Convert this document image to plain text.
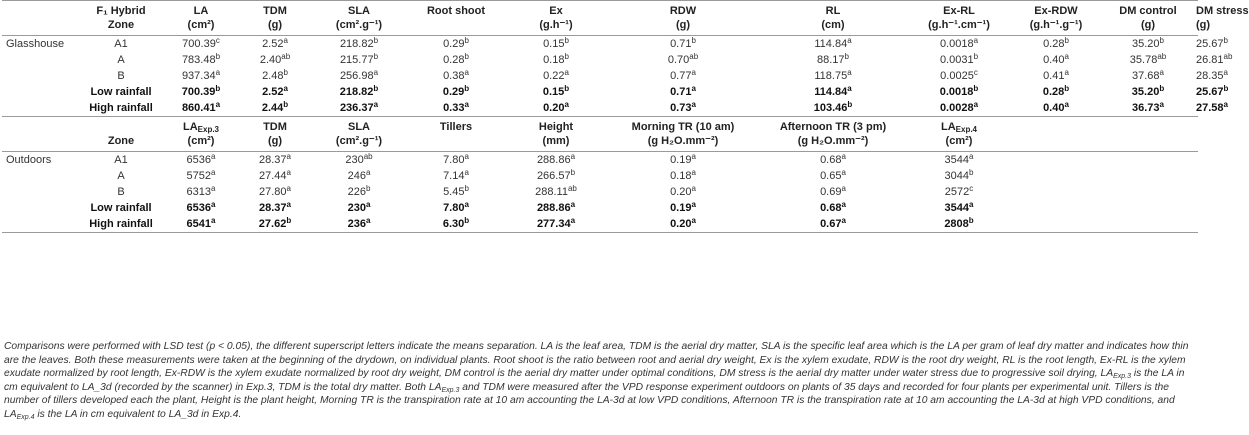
	F₁ Hybrid	LA	TDM	SLA	Root shoot	Ex	RDW	RL	Ex-RL	Ex-RDW	DM control	DM stress
	Zone	(cm²)	(g)	(cm².g⁻¹)		(g.h⁻¹)	(g)	(cm)	(g.h⁻¹.cm⁻¹)	(g.h⁻¹.g⁻¹)	(g)	(g)
Glasshouse	A1	700.39$^c$	2.52$^a$	218.82$^b$	0.29$^b$	0.15$^b$	0.71$^b$	114.84$^a$	0.0018$^a$	0.28$^b$	35.20$^b$	25.67$^b$
	A	783.48$^b$	2.40$^{ab}$	215.77$^b$	0.28$^b$	0.18$^b$	0.70$^{ab}$	88.17$^b$	0.0031$^b$	0.40$^a$	35.78$^{ab}$	26.81$^{ab}$
	B	937.34$^a$	2.48$^b$	256.98$^a$	0.38$^a$	0.22$^a$	0.77$^a$	118.75$^a$	0.0025$^c$	0.41$^a$	37.68$^a$	28.35$^a$
	Low rainfall	700.39$^b$	2.52$^a$	218.82$^b$	0.29$^b$	0.15$^b$	0.71$^a$	114.84$^a$	0.0018$^b$	0.28$^b$	35.20$^b$	25.67$^b$
	High rainfall	860.41$^a$	2.44$^b$	236.37$^a$	0.33$^a$	0.20$^a$	0.73$^a$	103.46$^b$	0.0028$^a$	0.40$^a$	36.73$^a$	27.58$^a$
		$LA_{Exp.3}$	TDM	SLA	Tillers	Height	Morning TR (10 am)	Afternoon TR (3 pm)	$LA_{Exp.4}$			
	Zone	(cm²)	(g)	(cm².g⁻¹)		(mm)	(g H₂O.mm⁻²)	(g H₂O.mm⁻²)	(cm²)			
Outdoors	A1	6536$^a$	28.37$^a$	$230^{ab}$	7.80$^a$	288.86$^a$	0.19$^a$	0.68$^a$	3544$^a$			
	A	5752$^a$	27.44$^a$	246$^a$	7.14$^a$	266.57$^b$	0.18$^a$	0.65$^a$	3044$^b$			
	B	6313$^a$	27.80$^a$	226$^b$	5.45$^b$	288.11$^{ab}$	0.20$^a$	0.69$^a$	2572$^c$			
	Low rainfall	6536$^a$	28.37$^a$	230$^a$	7.80$^a$	288.86$^a$	0.19$^a$	0.68$^a$	3544$^a$			
	High rainfall	6541$^a$	27.62$^b$	236$^a$	6.30$^b$	277.34$^a$	0.20$^a$	0.67$^a$	2808$^b$			
Comparisons were performed with LSD test (p < 0.05), the different superscript letters indicate the means separation. LA is the leaf area, TDM is the aerial dry matter, SLA is the specific leaf area which is the LA per gram of leaf dry matter and indicates how thin are the leaves. Both these measurements were taken at the beginning of the drydown, on individual plants. Root shoot is the ratio between root and aerial dry weight, Ex is the xylem exudate, RDW is the root dry weight, RL is the root length, Ex-RL is the xylem exudate normalized by root length, Ex-RDW is the xylem exudate normalized by root dry weight, DM control is the aerial dry matter under optimal conditions, DM stress is the aerial dry matter under water stress due to progressive soil drying, $LA_{Exp.3}$ is the LA in cm equivalent to LA_3d (recorded by the scanner) in Exp.3, TDM is the total dry matter. Both $LA_{Exp.3}$ and TDM were measured after the VPD response experiment outdoors on plants of 35 days and recorded for four plants per experimental unit. Tillers is the number of tillers developed each the plant, Height is the plant height, Morning TR is the transpiration rate at 10 am accounting the LA-3d at low VPD conditions, Afternoon TR is the transpiration rate at 10 am accounting the LA-3d at high VPD conditions, and $LA_{Exp.4}$ is the LA in cm equivalent to LA_3d in Exp.4.
